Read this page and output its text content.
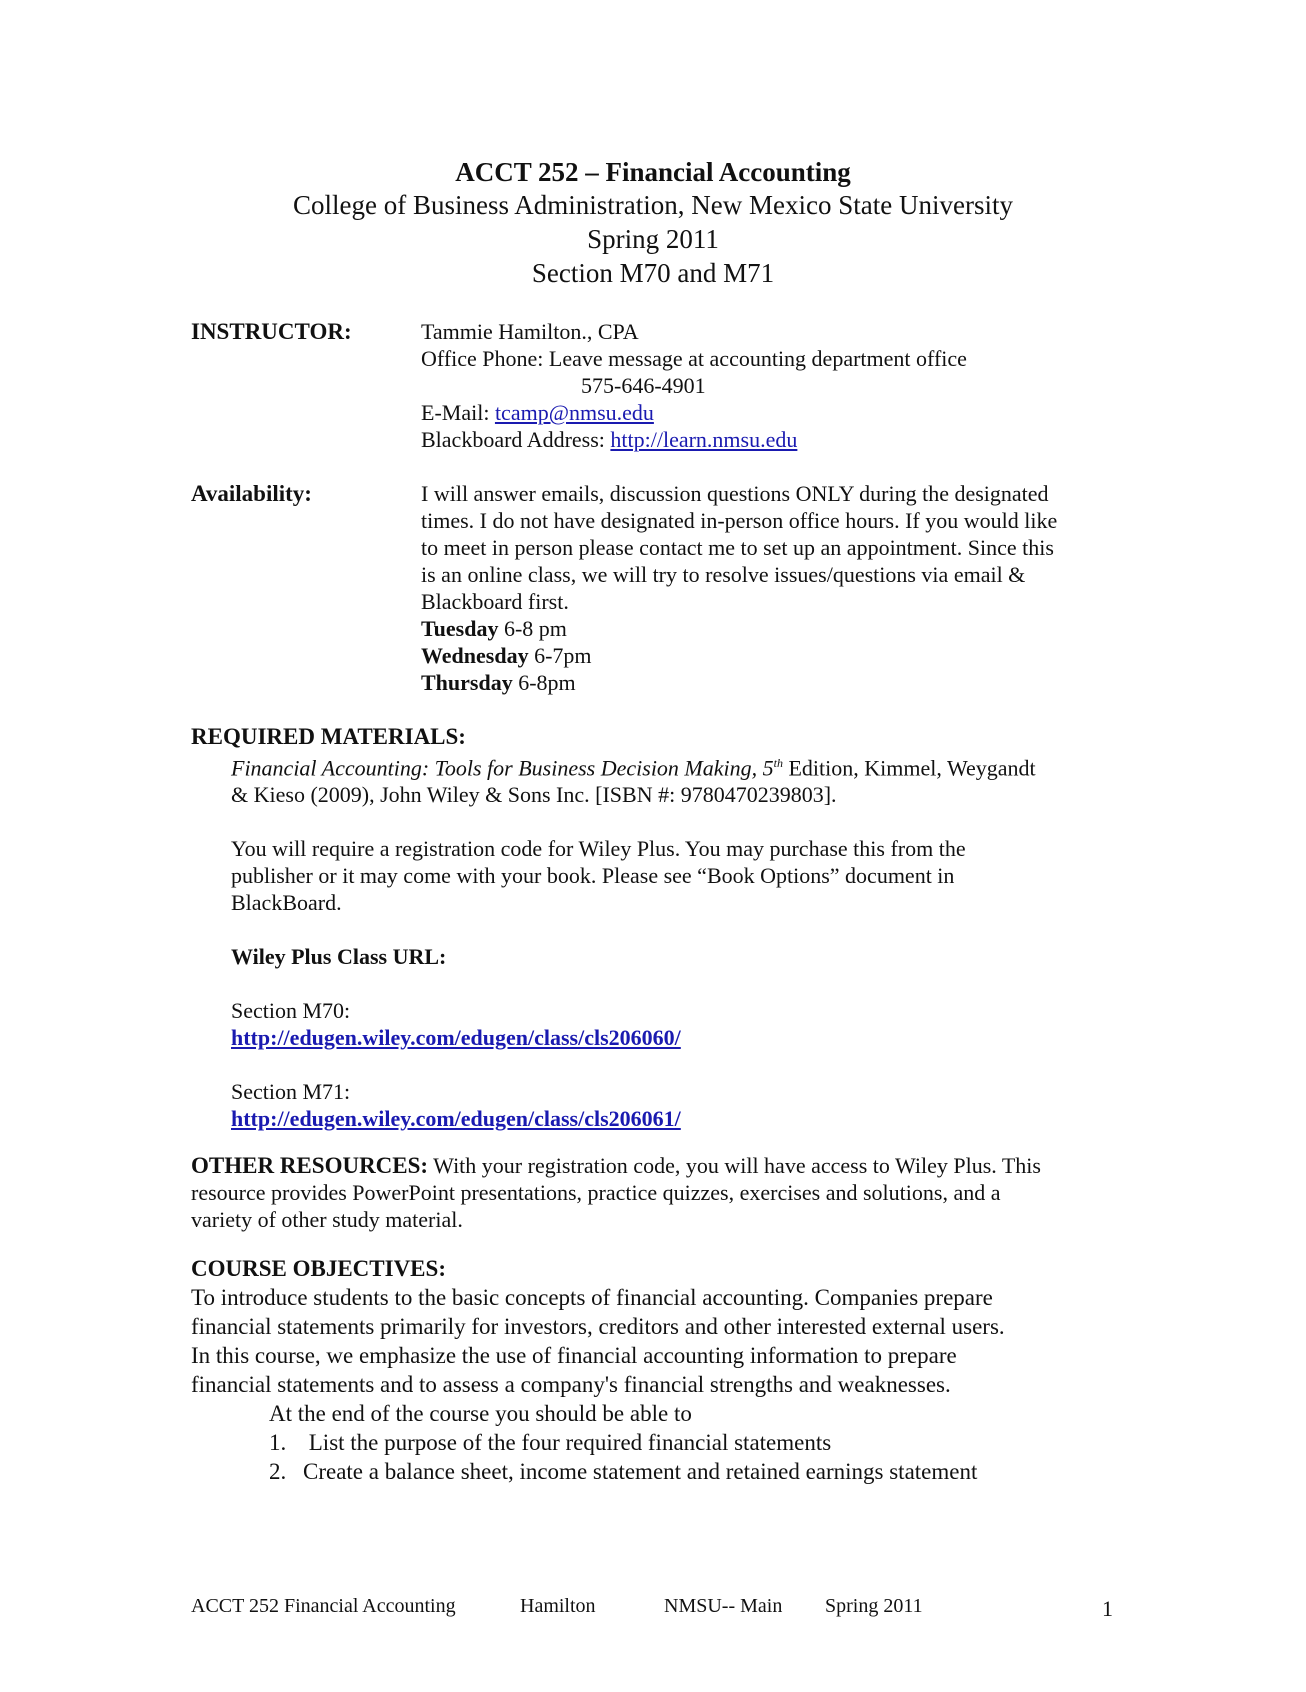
ACCT 252 – Financial Accounting
College of Business Administration, New Mexico State University
Spring 2011
Section M70 and M71
INSTRUCTOR:	Tammie Hamilton., CPA
Office Phone: Leave message at accounting department office
575-646-4901
E-Mail: tcamp@nmsu.edu
Blackboard Address: http://learn.nmsu.edu
Availability:	I will answer emails, discussion questions ONLY during the designated
times. I do not have designated in-person office hours. If you would like
to meet in person please contact me to set up an appointment. Since this
is an online class, we will try to resolve issues/questions via email &
Blackboard first.
Tuesday 6-8 pm
Wednesday 6-7pm
Thursday 6-8pm
REQUIRED MATERIALS:
Financial Accounting: Tools for Business Decision Making, 5th Edition, Kimmel, Weygandt
& Kieso (2009), John Wiley & Sons Inc. [ISBN #: 9780470239803].
You will require a registration code for Wiley Plus. You may purchase this from the
publisher or it may come with your book. Please see “Book Options” document in
BlackBoard.
Wiley Plus Class URL:
Section M70:
http://edugen.wiley.com/edugen/class/cls206060/
Section M71:
http://edugen.wiley.com/edugen/class/cls206061/
OTHER RESOURCES: With your registration code, you will have access to Wiley Plus. This
resource provides PowerPoint presentations, practice quizzes, exercises and solutions, and a
variety of other study material.
COURSE OBJECTIVES:
To introduce students to the basic concepts of financial accounting. Companies prepare
financial statements primarily for investors, creditors and other interested external users.
In this course, we emphasize the use of financial accounting information to prepare
financial statements and to assess a company's financial strengths and weaknesses.
At the end of the course you should be able to
1. List the purpose of the four required financial statements
2. Create a balance sheet, income statement and retained earnings statement
ACCT 252 Financial Accounting	Hamilton	NMSU-- Main Spring 2011	1
